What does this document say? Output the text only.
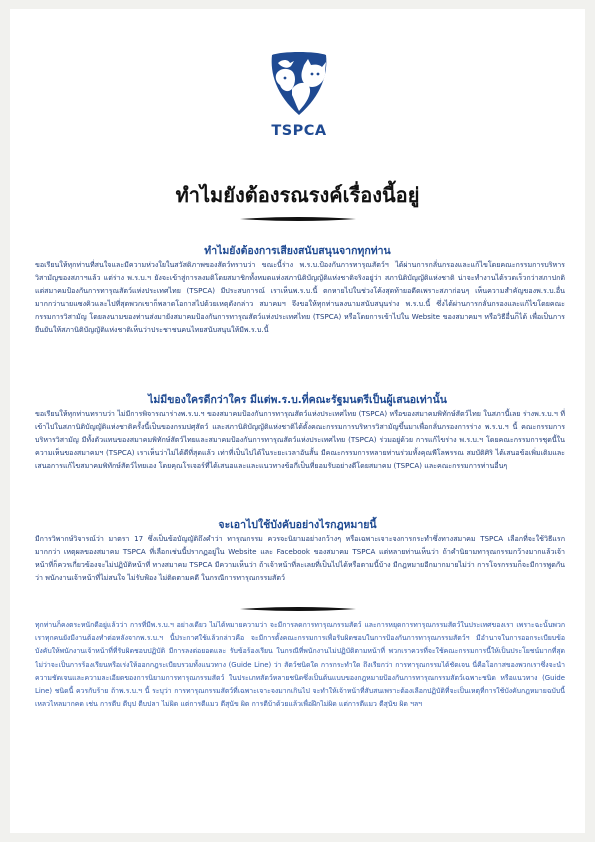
TSPCA
ทำไมยังต้องรณรงค์เรื่องนี้อยู่
ทำไมยังต้องการเสียงสนับสนุนจากทุกท่าน
ขอเรียนให้ทุกท่านที่สนใจและมีความห่วงใยในสวัสดิภาพของสัตว์ทราบว่า ขณะนี้ร่าง พ.ร.บ.ป้องกันการทารุณสัตว์ฯ ได้ผ่านการกลั่นกรองและแก้ไขโดยคณะกรรมการบริหารวิสามัญของสภาฯแล้ว แต่ร่าง พ.ร.บ.ฯ ยังจะเข้าสู่การลงมติโดยสมาชิกทั้งหมดแห่งสภานิติบัญญัติแห่งชาติจริงอยู่ว่า สภานิติบัญญัติแห่งชาติ น่าจะทำงานได้รวดเร็วกว่าสภาปกติ แต่สมาคมป้องกันการทารุณสัตว์แห่งประเทศไทย (TSPCA) มีประสบการณ์ เราเห็นพ.ร.บ.นี้ ตกหายไปในช่วงโค้งสุดท้ายอดีตเพราะสภาก่อนๆ เห็นความสำคัญของพ.ร.บ.อื่นมากกว่านายแซงคิวและไปที่สุดพวกเขาก็พลาดโอกาสไปด้วยเหตุดังกล่าว สมาคมฯ จึงขอให้ทุกท่านลงนามสนับสนุนร่าง พ.ร.บ.นี้ ซึ่งได้ผ่านการกลั่นกรองและแก้ไขโดยคณะกรรมการวิสามัญ โดยลงนามของท่านส่งมายังสมาคมป้องกันการทารุณสัตว์แห่งประเทศไทย (TSPCA) หรือโดยการเข้าไปใน Website ของสมาคมฯ หรือวิธีอื่นก็ได้ เพื่อเป็นการยืนยันให้สภานิติบัญญัติแห่งชาติเห็นว่าประชาชนคนไทยสนับสนุนให้มีพ.ร.บ.นี้
ไม่มีของใครดีกว่าใคร มีแต่พ.ร.บ.ที่คณะรัฐมนตรีเป็นผู้เสนอเท่านั้น
ขอเรียนให้ทุกท่านทราบว่า ไม่มีการพิจารณาร่างพ.ร.บ.ฯ ของสมาคมป้องกันการทารุณสัตว์แห่งประเทศไทย (TSPCA) หรือของสมาคมพิทักษ์สัตว์ไทย ในสภานี้เลย ร่างพ.ร.บ.ฯ ที่เข้าไปในสภานิติบัญญัติแห่งชาติครั้งนี้เป็นของกรมปศุสัตว์ และสภานิติบัญญัติแห่งชาติได้ตั้งคณะกรรมการบริหารวิสามัญขึ้นมาเพื่อกลั่นกรองการร่าง พ.ร.บ.ฯ นี้ คณะกรรมการบริหารวิสามัญ มีทั้งตัวแทนของสมาคมพิทักษ์สัตว์ไทยและสมาคมป้องกันการทารุณสัตว์แห่งประเทศไทย (TSPCA) ร่วมอยู่ด้วย การแก้ไขร่าง พ.ร.บ.ฯ โดยคณะกรรมการชุดนี้ในความเห็นของสมาคมฯ (TSPCA) เราเห็นว่าไม่ได้ดีที่สุดแล้ว เท่าที่เป็นไปได้ในระยะเวลาอันสั้น มีคณะกรรมการหลายท่านร่วมทั้งคุณพีโลพรรณ สมบัติศิริ ได้เสนอข้อเพิ่มเติมและเสนอการแก้ไขสมาคมพิทักษ์สัตว์ไทยเอง โดยคุณโรเจอร์ที่ได้เสนอและและแนวทางข้อกี่เป็นที่ยอมรับอย่างดีโดยสมาคม (TSPCA) และคณะกรรมการท่านอื่นๆ
จะเอาไปใช้บังคับอย่างไรกฎหมายนี้
มีการวิพากษ์วิจารณ์ว่า มาตรา 17 ซึ่งเป็นข้อบัญญัติถึงคำว่า ทารุณกรรม ควรจะนิยามอย่างกว้างๆ หรือเฉพาะเจาะจงการกระทำซึ่งทางสมาคม TSPCA เลือกที่จะใช้วิธีแรกมากกว่า เหตุผลของสมาคม TSPCA ที่เลือกเช่นนี้ปรากฏอยู่ใน Website และ Facebook ของสมาคม TSPCA แต่หลายท่านเห็นว่า ถ้าคำนิยามทารุณกรรมกว้างมากแล้วเจ้าหน้าที่ก็ควรเกี่ยวข้องจะไม่ปฏิบัติหน้าที่ ทางสมาคม TSPCA มีความเห็นว่า ถ้าเจ้าหน้าที่ละเลยที่เป็นไปได้หรือตามนี้บ้าง มีกฎหมายอีกมากมายไม่ว่า การโจรกรรมก็จะมีการพูดกันว่า พนักงานเจ้าหน้าที่ไม่สนใจ ไม่รับฟ้อง ไม่ติดตามคดี ในกรณีการทารุณกรรมสัตว์
ทุกท่านก็คงตระหนักดีอยู่แล้วว่า การที่มีพ.ร.บ.ฯ อย่างเดียว ไม่ได้หมายความว่า จะมีการลดการทารุณกรรมสัตว์ และการหยุดการทารุณกรรมสัตว์ในประเทศของเรา เพราะฉะนั้นพวกเราทุกคนยังมีงานต้องทำต่อหลังจากพ.ร.บ.ฯ นี้ประกาศใช้แล้วกล่าวคือ จะมีการตั้งคณะกรรมการเพื่อรับผิดชอบในการป้องกันการทารุณกรรมสัตว์ฯ มีอำนาจในการออกระเบียบข้อบังคับให้พนักงานเจ้าหน้าที่ที่รับผิดชอบปฏิบัติ มีการลงต่อยอดและ รับข้อร้องเรียน ในกรณีที่พนักงานไม่ปฏิบัติตามหน้าที่ พวกเราควรที่จะใช้คณะกรรมการนี้ให้เป็นประโยชน์มากที่สุด ไม่ว่าจะเป็นการร้องเรียนหรือเร่งให้ออกกฎระเบียบรวมทั้งแนวทาง (Guide Line) ว่า สัตว์ชนิดใด การกระทำใด ถึงเรียกว่า การทารุณกรรมได้ชัดเจน นี่คือโอกาสของพวกเราซึ่งจะนำความชัดเจนและความละเอียดของการนิยามการทารุณกรรมสัตว์ ในประเภทสัตว์หลายชนิดซึ่งเป็นต้นแบบของกฎหมายป้องกันการทารุณกรรมสัตว์เฉพาะชนิด หรือแนวทาง (Guide Line) ชนิดนี้ ควรกับร้าย ถ้าพ.ร.บ.ฯ นี้ ระบุว่า การทารุณกรรมสัตว์ที่เฉพาะเจาะจงมากเกินไป จะทำให้เจ้าหน้าที่สับสนเพราะต้องเลือกปฏิบัติที่จะเป็นเหตุที่การใช้บังคับกฎหมายฉบับนี้เหลวไหลมากคด เช่น การตีบ ตีบุป ตีบปลา ไม่ผิด แต่การตีแมว ตีสุนัข ผิด การตีบ้าด้วยแล้วเพื่อฝึกไม่ผิด แต่การตีแมว ตีสุนัข ผิด ฯลฯ
